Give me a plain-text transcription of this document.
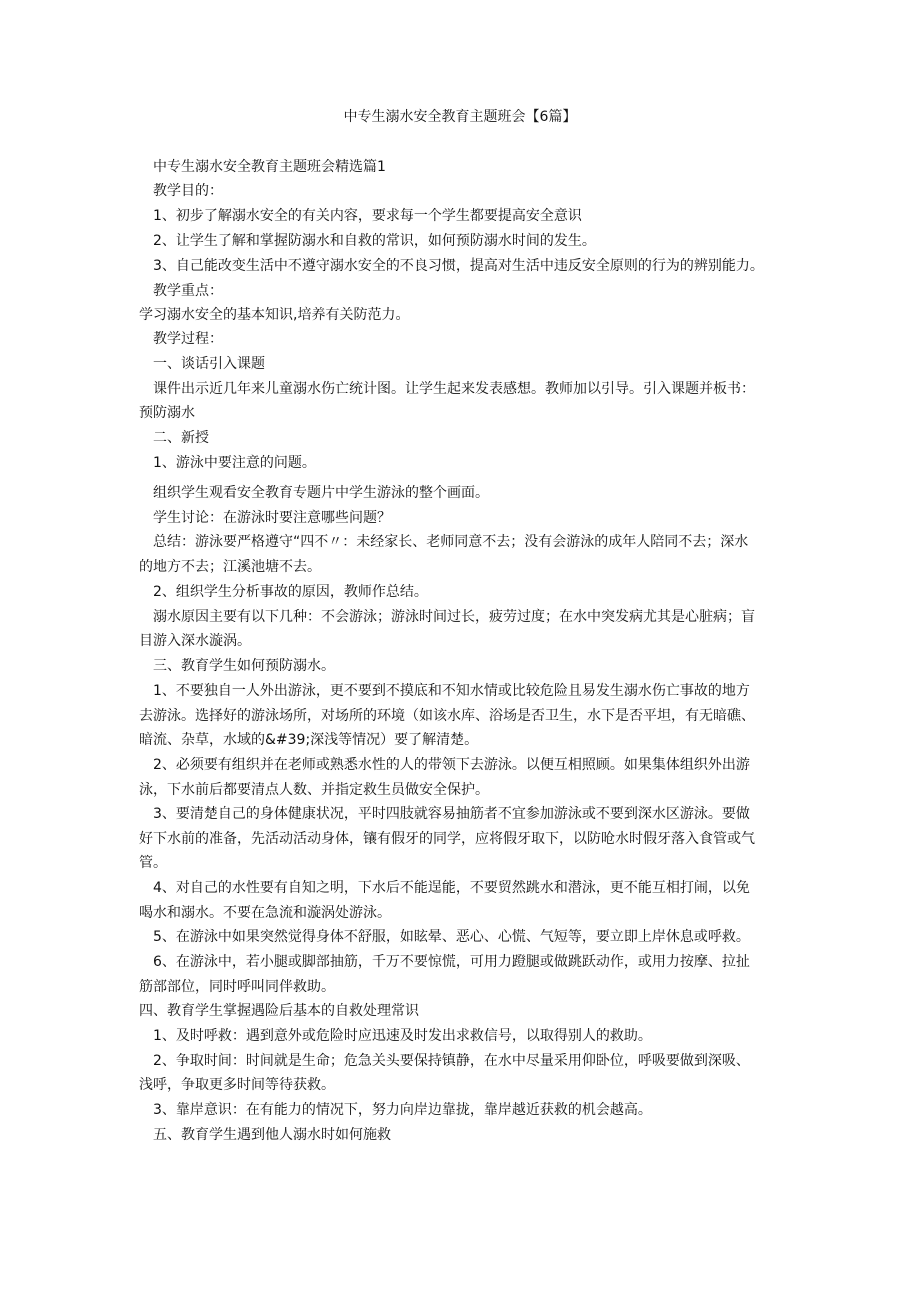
中专生溺水安全教育主题班会【6篇】

中专生溺水安全教育主题班会精选篇1

教学目的：

1、初步了解溺水安全的有关内容，要求每一个学生都要提高安全意识

2、让学生了解和掌握防溺水和自救的常识，如何预防溺水时间的发生。

3、自己能改变生活中不遵守溺水安全的不良习惯，提高对生活中违反安全原则的行为的辨别能力。

教学重点：

学习溺水安全的基本知识,培养有关防范力。

教学过程：

一、谈话引入课题

课件出示近几年来儿童溺水伤亡统计图。让学生起来发表感想。教师加以引导。引入课题并板书：

预防溺水

二、新授

1、游泳中要注意的问题。

组织学生观看安全教育专题片中学生游泳的整个画面。

学生讨论：在游泳时要注意哪些问题？

总结：游泳要严格遵守“四不〃：未经家长、老师同意不去；没有会游泳的成年人陪同不去；深水

的地方不去；江溪池塘不去。

2、组织学生分析事故的原因，教师作总结。

溺水原因主要有以下几种：不会游泳；游泳时间过长，疲劳过度；在水中突发病尤其是心脏病；盲

目游入深水漩涡。

三、教育学生如何预防溺水。

1、不要独自一人外出游泳，更不要到不摸底和不知水情或比较危险且易发生溺水伤亡事故的地方

去游泳。选择好的游泳场所，对场所的环境（如该水库、浴场是否卫生，水下是否平坦，有无暗礁、

暗流、杂草，水域的&#39;深浅等情况）要了解清楚。

2、必须要有组织并在老师或熟悉水性的人的带领下去游泳。以便互相照顾。如果集体组织外出游

泳，下水前后都要清点人数、并指定救生员做安全保护。

3、要清楚自己的身体健康状况，平时四肢就容易抽筋者不宜参加游泳或不要到深水区游泳。要做

好下水前的准备，先活动活动身体，镶有假牙的同学，应将假牙取下，以防呛水时假牙落入食管或气

管。

4、对自己的水性要有自知之明，下水后不能逞能，不要贸然跳水和潜泳，更不能互相打闹，以免

喝水和溺水。不要在急流和漩涡处游泳。

5、在游泳中如果突然觉得身体不舒服，如眩晕、恶心、心慌、气短等，要立即上岸休息或呼救。

6、在游泳中，若小腿或脚部抽筋，千万不要惊慌，可用力蹬腿或做跳跃动作，或用力按摩、拉扯

筋部部位，同时呼叫同伴救助。

四、教育学生掌握遇险后基本的自救处理常识

1、及时呼救：遇到意外或危险时应迅速及时发出求救信号，以取得别人的救助。

2、争取时间：时间就是生命；危急关头要保持镇静，在水中尽量采用仰卧位，呼吸要做到深吸、

浅呼，争取更多时间等待获救。

3、靠岸意识：在有能力的情况下，努力向岸边靠拢，靠岸越近获救的机会越高。

五、教育学生遇到他人溺水时如何施救
